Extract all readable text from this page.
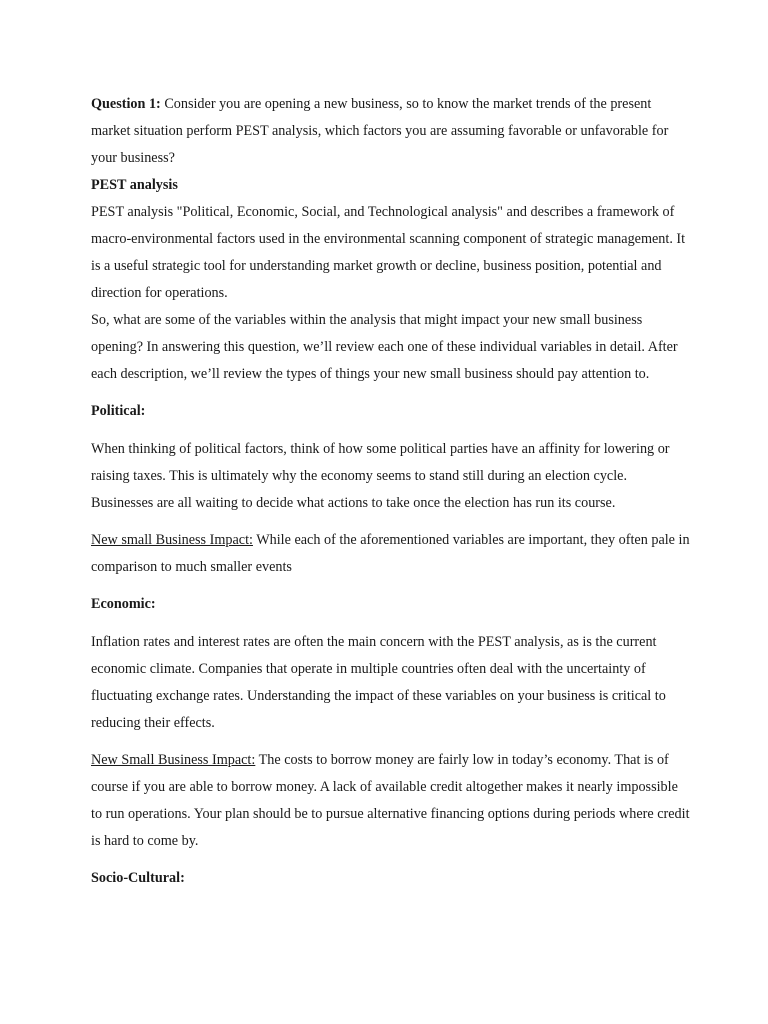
Question 1: Consider you are opening a new business, so to know the market trends of the present market situation perform PEST analysis, which factors you are assuming favorable or unfavorable for your business?

PEST analysis

PEST analysis "Political, Economic, Social, and Technological analysis" and describes a framework of macro-environmental factors used in the environmental scanning component of strategic management. It is a useful strategic tool for understanding market growth or decline, business position, potential and direction for operations.

So, what are some of the variables within the analysis that might impact your new small business opening? In answering this question, we’ll review each one of these individual variables in detail. After each description, we’ll review the types of things your new small business should pay attention to.

Political:

When thinking of political factors, think of how some political parties have an affinity for lowering or raising taxes. This is ultimately why the economy seems to stand still during an election cycle. Businesses are all waiting to decide what actions to take once the election has run its course.

New small Business Impact: While each of the aforementioned variables are important, they often pale in comparison to much smaller events

Economic:

Inflation rates and interest rates are often the main concern with the PEST analysis, as is the current economic climate. Companies that operate in multiple countries often deal with the uncertainty of fluctuating exchange rates. Understanding the impact of these variables on your business is critical to reducing their effects.

New Small Business Impact: The costs to borrow money are fairly low in today’s economy. That is of course if you are able to borrow money. A lack of available credit altogether makes it nearly impossible to run operations. Your plan should be to pursue alternative financing options during periods where credit is hard to come by.

Socio-Cultural:
